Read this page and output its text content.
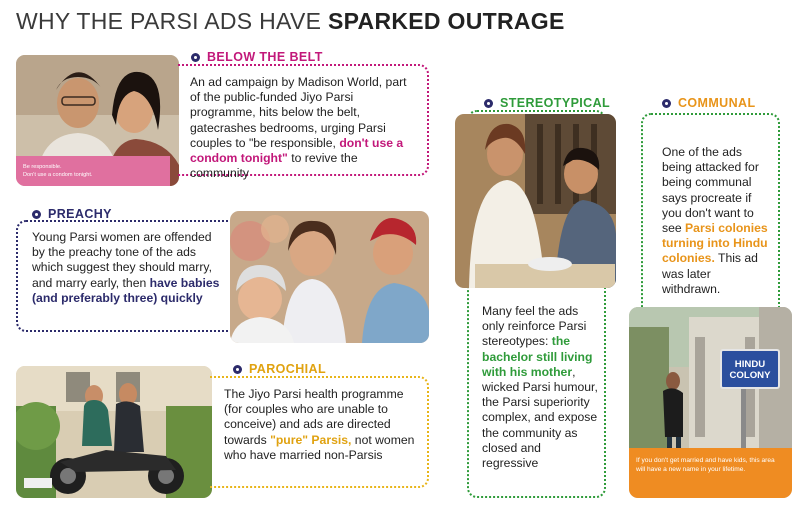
WHY THE PARSI ADS HAVE SPARKED OUTRAGE
Be responsible.
Don't use a condom tonight.
BELOW THE BELT
An ad campaign by Madison World, part of the public-funded Jiyo Parsi programme, hits below the belt, gatecrashes bedrooms, urging Parsi couples to "be responsible, don't use a condom tonight" to revive the community
PREACHY
Young Parsi women are offended by the preachy tone of the ads which suggest they should marry, and marry early, then have babies (and preferably three) quickly
PAROCHIAL
The Jiyo Parsi health programme (for couples who are unable to conceive) and ads are directed towards "pure" Parsis, not women who have married non-Parsis
STEREOTYPICAL
Many feel the ads only reinforce Parsi stereotypes: the bachelor still living with his mother, wicked Parsi humour, the Parsi superiority complex, and expose the community as closed and regressive
COMMUNAL
One of the ads being attacked for being communal says procreate if you don't want to see Parsi colonies turning into Hindu colonies. This ad was later withdrawn.
HINDU
COLONY
If you don't get married and have kids, this area will have a new name in your lifetime.
